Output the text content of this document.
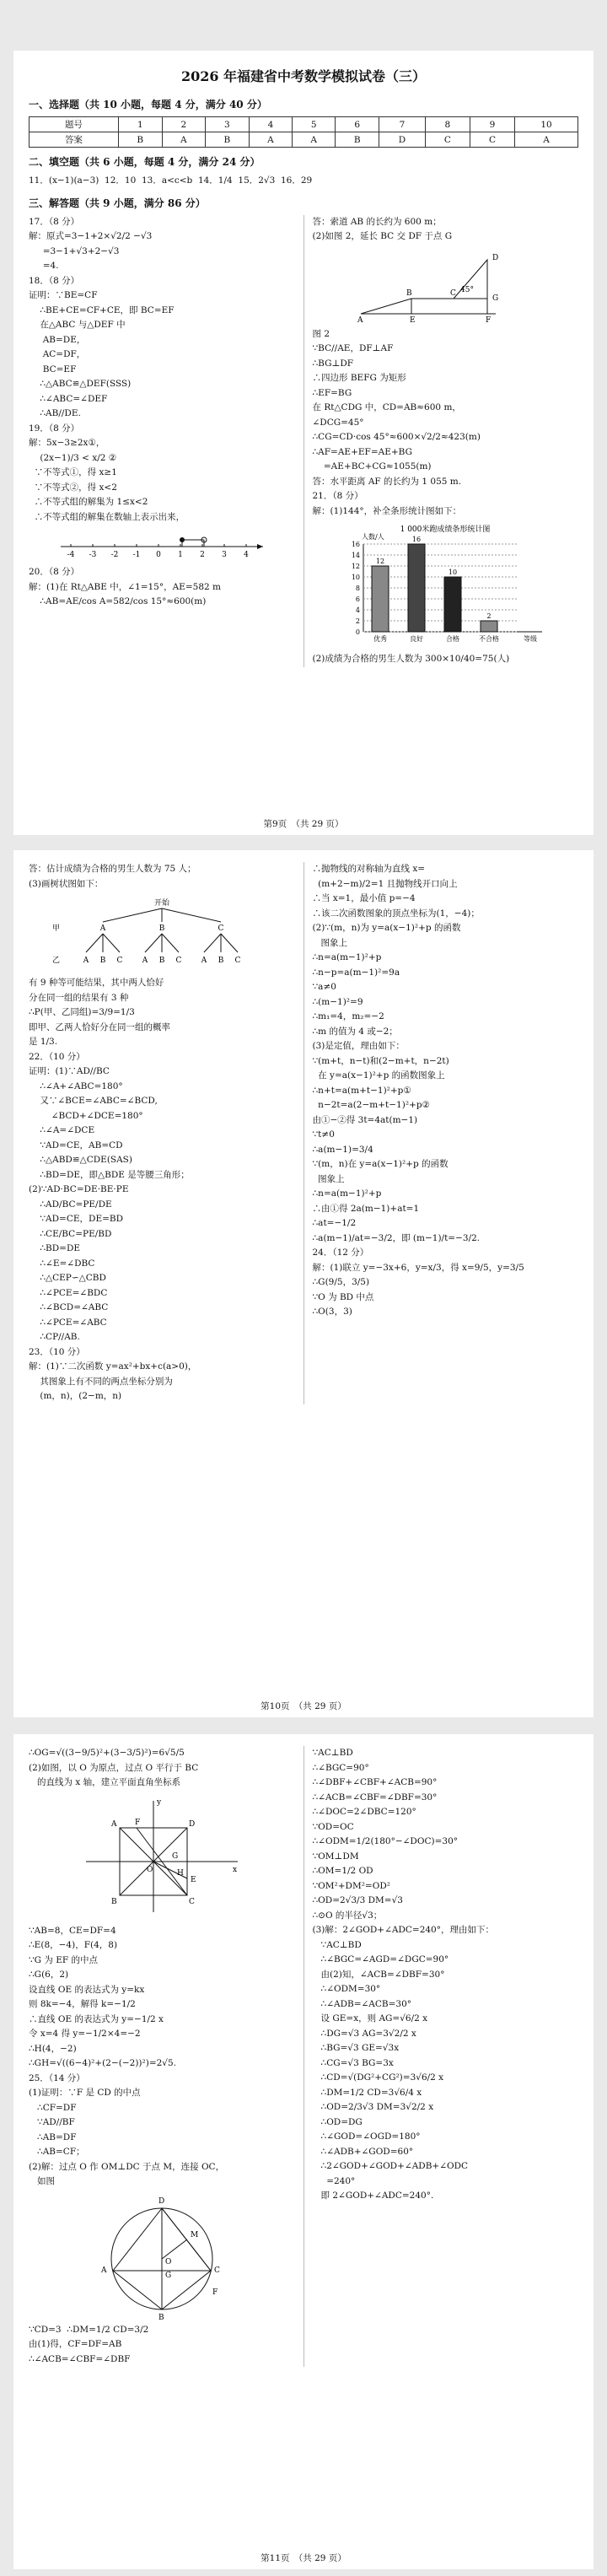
2026 年福建省中考数学模拟试卷（三）
一、选择题（共 10 小题，每题 4 分，满分 40 分）
题号	1	2	3	4	5	6	7	8	9	10
答案	B	A	B	A	A	B	D	C	C	A
二、填空题（共 6 小题，每题 4 分，满分 24 分）
11．(x−1)(a−3)  12．10  13．a<c<b  14．1/4  15．2√3  16．29
三、解答题（共 9 小题，满分 86 分）
17．（8 分）
解：原式=3−1+2×√2/2 −√3
=3−1+√3+2−√3
=4.
18．（8 分）
证明：∵BE=CF
∴BE+CE=CF+CE，即 BC=EF
在△ABC 与△DEF 中
AB=DE，
AC=DF，
BC=EF
∴△ABC≌△DEF(SSS)
∴∠ABC=∠DEF
∴AB//DE.
19．（8 分）
解：5x−3≥2x①，
(2x−1)/3 < x/2 ②
∵不等式①，得 x≥1
∵不等式②，得 x<2
∴不等式组的解集为 1≤x<2
∴不等式组的解集在数轴上表示出来，
-4 -3 -2 -1 0 1 2 3 4
20．（8 分）
解：(1)在 Rt△ABE 中，∠1=15°，AE=582 m
∴AB=AE/cos A=582/cos 15°≈600(m)
答：索道 AB 的长约为 600 m；
(2)如图 2，延长 BC 交 DF 于点 G
A	E	F
B	C
G
D
45°
图 2
∵BC//AE，DF⊥AF
∴BG⊥DF
∴四边形 BEFG 为矩形
∴EF=BG
在 Rt△CDG 中，CD=AB≈600 m，
∠DCG=45°
∴CG=CD·cos 45°≈600×√2/2≈423(m)
∴AF=AE+EF=AE+BG
=AE+BC+CG≈1055(m)
答：水平距离 AF 的长约为 1 055 m.
21．（8 分）
解：(1)144°，补全条形统计图如下：
1 000米跑成绩条形统计图
人数/人
0
2
4
6
8
10
12
14
16
12
优秀
16
良好
10
合格
2
不合格	等级
(2)成绩为合格的男生人数为 300×10/40=75(人)
第9页　（共 29 页）
答：估计成绩为合格的男生人数为 75 人；
(3)画树状图如下：
开始
甲
乙
A
A B C
B
A B C
C
A B C
有 9 种等可能结果，其中两人恰好
分在同一组的结果有 3 种
∴P(甲、乙同组)=3/9=1/3
即甲、乙两人恰好分在同一组的概率
是 1/3.
22．（10 分）
证明：(1)∵AD//BC
∴∠A+∠ABC=180°
又∵∠BCE=∠ABC=∠BCD,
∠BCD+∠DCE=180°
∴∠A=∠DCE
∵AD=CE，AB=CD
∴△ABD≌△CDE(SAS)
∴BD=DE，即△BDE 是等腰三角形；
(2)∵AD·BC=DE·BE·PE
∴AD/BC=PE/DE
∵AD=CE，DE=BD
∴CE/BC=PE/BD
∴BD=DE
∴∠E=∠DBC
∴△CEP∽△CBD
∴∠PCE=∠BDC
∴∠BCD=∠ABC
∴∠PCE=∠ABC
∴CP//AB.
23．（10 分）
解：(1)∵二次函数 y=ax²+bx+c(a>0)，
其图象上有不同的两点坐标分别为
(m，n)，(2−m，n)
∴抛物线的对称轴为直线 x=
(m+2−m)/2=1 且抛物线开口向上
∴当 x=1，最小值 p=−4
∴该二次函数图象的顶点坐标为(1，−4)；
(2)∵(m，n)为 y=a(x−1)²+p 的函数
图象上
∴n=a(m−1)²+p
∴n−p=a(m−1)²=9a
∵a≠0
∴(m−1)²=9
∴m₁=4，m₂=−2
∴m 的值为 4 或−2；
(3)是定值，理由如下：
∵(m+t，n−t)和(2−m+t，n−2t)
在 y=a(x−1)²+p 的函数图象上
∴n+t=a(m+t−1)²+p①
n−2t=a(2−m+t−1)²+p②
由①−②得 3t=4at(m−1)
∵t≠0
∴a(m−1)=3/4
∵(m，n)在 y=a(x−1)²+p 的函数
图象上
∴n=a(m−1)²+p
∴由①得 2a(m−1)+at=1
∴at=−1/2
∴a(m−1)/at=−3/2，即 (m−1)/t=−3/2.
24．（12 分）
解：(1)联立 y=−3x+6，y=x/3，得 x=9/5，y=3/5
∴G(9/5，3/5)
∵O 为 BD 中点
∴O(3，3)
第10页　（共 29 页）
∴OG=√((3−9/5)²+(3−3/5)²)=6√5/5
(2)如图，以 O 为原点，过点 O 平行于 BC
的直线为 x 轴，建立平面直角坐标系
x
y
O
A	D
B	C
E
F
G
H
∵AB=8，CE=DF=4
∴E(8，−4)，F(4，8)
∵G 为 EF 的中点
∴G(6，2)
设直线 OE 的表达式为 y=kx
则 8k=−4，解得 k=−1/2
∴直线 OE 的表达式为 y=−1/2 x
令 x=4 得 y=−1/2×4=−2
∴H(4，−2)
∴GH=√((6−4)²+(2−(−2))²)=2√5.
25．（14 分）
(1)证明：∵F 是 CD 的中点
∴CF=DF
∵AD//BF
∴AB=DF
∴AB=CF；
(2)解：过点 O 作 OM⊥DC 于点 M，连接 OC，
如图
D
A
B
C
O
M
G
F
∵CD=3  ∴DM=1/2 CD=3/2
由(1)得，CF=DF=AB
∴∠ACB=∠CBF=∠DBF
∵AC⊥BD
∴∠BGC=90°
∴∠DBF+∠CBF+∠ACB=90°
∴∠ACB=∠CBF=∠DBF=30°
∴∠DOC=2∠DBC=120°
∵OD=OC
∴∠ODM=1/2(180°−∠DOC)=30°
∵OM⊥DM
∴OM=1/2 OD
∵OM²+DM²=OD²
∴OD=2√3/3 DM=√3
∴⊙O 的半径√3；
(3)解：2∠GOD+∠ADC=240°，理由如下：
∵AC⊥BD
∴∠BGC=∠AGD=∠DGC=90°
由(2)知，∠ACB=∠DBF=30°
∴∠ODM=30°
∴∠ADB=∠ACB=30°
设 GE=x，则 AG=√6/2 x
∴DG=√3 AG=3√2/2 x
∴BG=√3 GE=√3x
∴CG=√3 BG=3x
∴CD=√(DG²+CG²)=3√6/2 x
∴DM=1/2 CD=3√6/4 x
∴OD=2/3√3 DM=3√2/2 x
∴OD=DG
∴∠GOD=∠OGD=180°
∴∠ADB+∠GOD=60°
∴2∠GOD+∠GOD+∠ADB+∠ODC
=240°
即 2∠GOD+∠ADC=240°.
第11页　（共 29 页）
